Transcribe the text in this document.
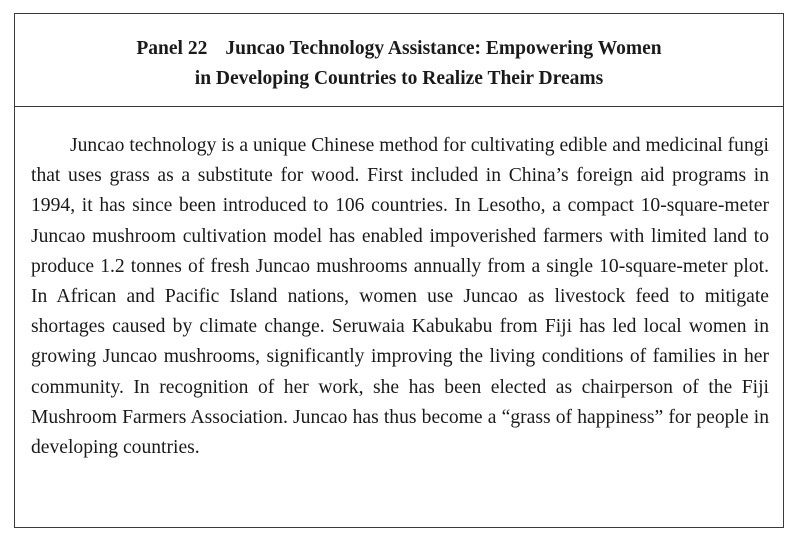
Panel 22 Juncao Technology Assistance: Empowering Women
in Developing Countries to Realize Their Dreams

Juncao technology is a unique Chinese method for cultivating edible and medicinal fungi that uses grass as a substitute for wood. First included in China’s foreign aid programs in 1994, it has since been introduced to 106 countries. In Lesotho, a compact 10-square-meter Juncao mushroom cultivation model has enabled impoverished farmers with limited land to produce 1.2 tonnes of fresh Juncao mushrooms annually from a single 10-square-meter plot. In African and Pacific Island nations, women use Juncao as livestock feed to mitigate shortages caused by climate change. Seruwaia Kabukabu from Fiji has led local women in growing Juncao mushrooms, significantly improving the living conditions of families in her community. In recognition of her work, she has been elected as chairperson of the Fiji Mushroom Farmers Association. Juncao has thus become a “grass of happiness” for people in developing countries.
